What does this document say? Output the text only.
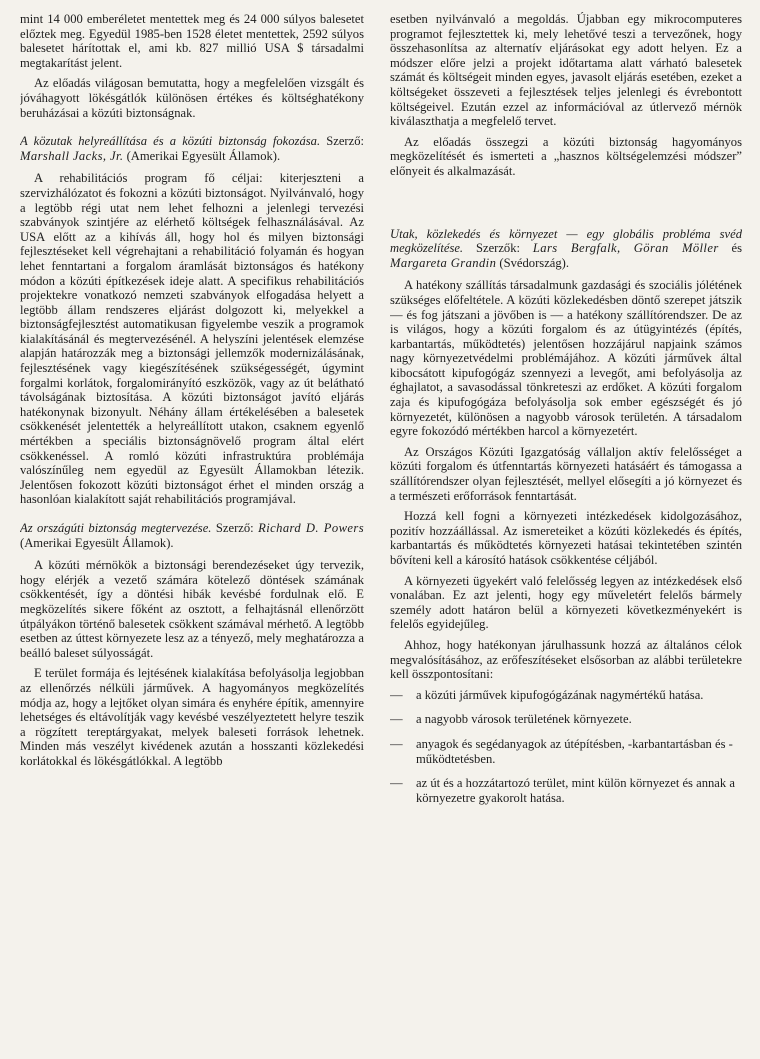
mint 14 000 emberéletet mentettek meg és 24 000 súlyos balesetet előztek meg. Egyedül 1985-ben 1528 életet mentettek, 2592 súlyos balesetet hárítottak el, ami kb. 827 millió USA $ társadalmi megtakarítást jelent.

Az előadás világosan bemutatta, hogy a megfelelően vizsgált és jóváhagyott lökésgátlók különösen értékes és költséghatékony beruházásai a közúti biztonságnak.

A közutak helyreállítása és a közúti biztonság fokozása. Szerző: Marshall Jacks, Jr. (Amerikai Egyesült Államok).

A rehabilitációs program fő céljai: kiterjeszteni a szervizhálózatot és fokozni a közúti biztonságot. Nyilvánvaló, hogy a legtöbb régi utat nem lehet felhozni a jelenlegi tervezési szabványok szintjére az elérhető költségek felhasználásával. Az USA előtt az a kihívás áll, hogy hol és milyen biztonsági fejlesztéseket kell végrehajtani a rehabilitáció folyamán és hogyan lehet fenntartani a forgalom áramlását biztonságos és hatékony módon a közúti építkezések ideje alatt. A specifikus rehabilitációs projektekre vonatkozó nemzeti szabványok elfogadása helyett a legtöbb állam rendszeres eljárást dolgozott ki, melyekkel a biztonságfejlesztést automatikusan figyelembe veszik a programok kialakításánál és megtervezésénél. A helyszíni jelentések elemzése alapján határozzák meg a biztonsági jellemzők modernizálásának, fejlesztésének vagy kiegészítésének szükségességét, úgymint forgalmi korlátok, forgalomirányító eszközök, vagy az út belátható távolságának biztosítása. A közúti biztonságot javító eljárás hatékonynak bizonyult. Néhány állam értékelésében a balesetek csökkenését jelentették a helyreállított utakon, csaknem egyenlő mértékben a speciális biztonságnövelő program által elért csökkenéssel. A romló közúti infrastruktúra problémája valószínűleg nem egyedül az Egyesült Államokban létezik. Jelentősen fokozott közúti biztonságot érhet el minden ország a hasonlóan kialakított saját rehabilitációs programjával.

Az országúti biztonság megtervezése. Szerző: Richard D. Powers (Amerikai Egyesült Államok).

A közúti mérnökök a biztonsági berendezéseket úgy tervezik, hogy elérjék a vezető számára kötelező döntések számának csökkentését, így a döntési hibák kevésbé fordulnak elő. E megközelítés sikere főként az osztott, a felhajtásnál ellenőrzött útpályákon történő balesetek csökkent számával mérhető. A legtöbb esetben az úttest környezete lesz az a tényező, mely meghatározza a beálló baleset súlyosságát.

E terület formája és lejtésének kialakítása befolyásolja legjobban az ellenőrzés nélküli járművek. A hagyományos megközelítés módja az, hogy a lejtőket olyan simára és enyhére építik, amennyire lehetséges és eltávolítják vagy kevésbé veszélyeztetett helyre teszik a rögzített tereptárgyakat, melyek baleseti források lehetnek. Minden más veszélyt kivédenek azután a hosszanti közlekedési korlátokkal és lökésgátlókkal. A legtöbb

esetben nyilvánvaló a megoldás. Újabban egy mikrocomputeres programot fejlesztettek ki, mely lehetővé teszi a tervezőnek, hogy összehasonlítsa az alternatív eljárásokat egy adott helyen. Ez a módszer előre jelzi a projekt időtartama alatt várható balesetek számát és költségeit minden egyes, javasolt eljárás esetében, ezeket a költségeket összeveti a fejlesztések teljes jelenlegi és évrebontott költségeivel. Ezután ezzel az információval az útlervező mérnök kiválaszthatja a megfelelő tervet.

Az előadás összegzi a közúti biztonság hagyományos megközelítését és ismerteti a „hasznos költségelemzési módszer” előnyeit és alkalmazását.

Utak, közlekedés és környezet — egy globális probléma svéd megközelítése. Szerzők: Lars Bergfalk, Göran Möller és Margareta Grandin (Svédország).

A hatékony szállítás társadalmunk gazdasági és szociális jólétének szükséges előfeltétele. A közúti közlekedésben döntő szerepet játszik — és fog játszani a jövőben is — a hatékony szállítórendszer. De az is világos, hogy a közúti forgalom és az útügyintézés (építés, karbantartás, működtetés) jelentősen hozzájárul napjaink számos nagy környezetvédelmi problémájához. A közúti járművek által kibocsátott kipufogógáz szennyezi a levegőt, ami befolyásolja az éghajlatot, a savasodással tönkreteszi az erdőket. A közúti forgalom zaja és kipufogógáza befolyásolja sok ember egészségét és jó környezetét, különösen a nagyobb városok területén. A társadalom egyre fokozódó mértékben harcol a környezetért.

Az Országos Közúti Igazgatóság vállaljon aktív felelősséget a közúti forgalom és útfenntartás környezeti hatásáért és támogassa a szállítórendszer olyan fejlesztését, mellyel elősegíti a jó környezet és a természeti erőforrások fenntartását.

Hozzá kell fogni a környezeti intézkedések kidolgozásához, pozitív hozzáállással. Az ismereteiket a közúti közlekedés és építés, karbantartás és működtetés környezeti hatásai tekintetében szintén bővíteni kell a károsító hatások csökkentése céljából.

A környezeti ügyekért való felelősség legyen az intézkedések első vonalában. Ez azt jelenti, hogy egy műveletért felelős bármely személy adott határon belül a környezeti következményekért is felelős egyidejűleg.

Ahhoz, hogy hatékonyan járulhassunk hozzá az általános célok megvalósításához, az erőfeszítéseket elsősorban az alábbi területekre kell összpontosítani:

— a közúti járművek kipufogógázának nagymértékű hatása.
— a nagyobb városok területének környezete.
— anyagok és segédanyagok az útépítésben, -karbantartásban és -működtetésben.
— az út és a hozzátartozó terület, mint külön környezet és annak a környezetre gyakorolt hatása.
